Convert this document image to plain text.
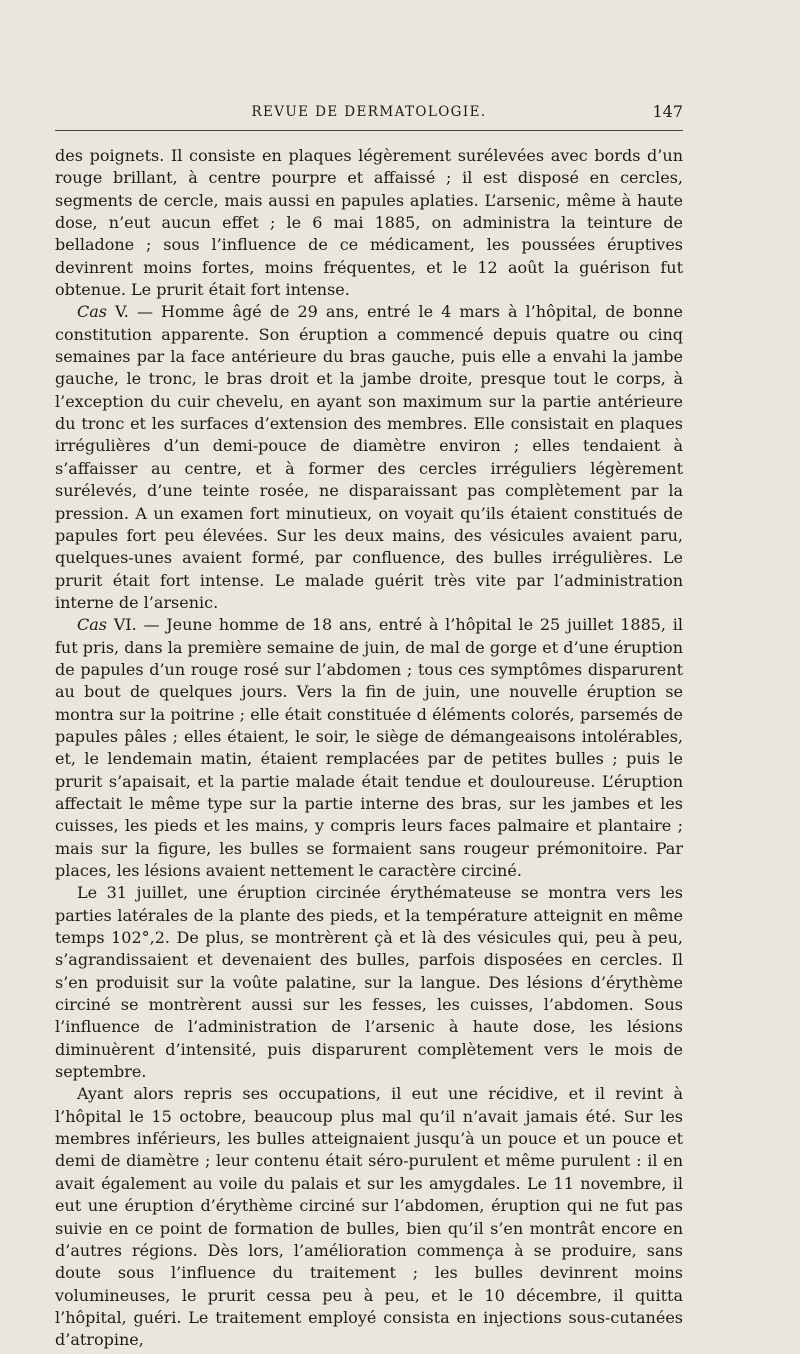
REVUE DE DERMATOLOGIE.	147

des poignets. Il consiste en plaques légèrement surélevées avec bords d’un rouge brillant, à centre pourpre et affaissé ; il est disposé en cercles, segments de cercle, mais aussi en papules aplaties. L’arsenic, même à haute dose, n’eut aucun effet ; le 6 mai 1885, on administra la teinture de belladone ; sous l’influence de ce médicament, les poussées éruptives devinrent moins fortes, moins fréquentes, et le 12 août la guérison fut obtenue. Le prurit était fort intense.

Cas V. — Homme âgé de 29 ans, entré le 4 mars à l’hôpital, de bonne constitution apparente. Son éruption a commencé depuis quatre ou cinq semaines par la face antérieure du bras gauche, puis elle a envahi la jambe gauche, le tronc, le bras droit et la jambe droite, presque tout le corps, à l’exception du cuir chevelu, en ayant son maximum sur la partie antérieure du tronc et les surfaces d’extension des membres. Elle consistait en plaques irrégulières d’un demi-pouce de diamètre environ ; elles tendaient à s’affaisser au centre, et à former des cercles irréguliers légèrement surélevés, d’une teinte rosée, ne disparaissant pas complètement par la pression. A un examen fort minutieux, on voyait qu’ils étaient constitués de papules fort peu élevées. Sur les deux mains, des vésicules avaient paru, quelques-unes avaient formé, par confluence, des bulles irrégulières. Le prurit était fort intense. Le malade guérit très vite par l’administration interne de l’arsenic.

Cas VI. — Jeune homme de 18 ans, entré à l’hôpital le 25 juillet 1885, il fut pris, dans la première semaine de juin, de mal de gorge et d’une éruption de papules d’un rouge rosé sur l’abdomen ; tous ces symptômes disparurent au bout de quelques jours. Vers la fin de juin, une nouvelle éruption se montra sur la poitrine ; elle était constituée d éléments colorés, parsemés de papules pâles ; elles étaient, le soir, le siège de démangeaisons intolérables, et, le lendemain matin, étaient remplacées par de petites bulles ; puis le prurit s’apaisait, et la partie malade était tendue et douloureuse. L’éruption affectait le même type sur la partie interne des bras, sur les jambes et les cuisses, les pieds et les mains, y compris leurs faces palmaire et plantaire ; mais sur la figure, les bulles se formaient sans rougeur prémonitoire. Par places, les lésions avaient nettement le caractère circiné.

Le 31 juillet, une éruption circinée érythémateuse se montra vers les parties latérales de la plante des pieds, et la température atteignit en même temps 102°,2. De plus, se montrèrent çà et là des vésicules qui, peu à peu, s’agrandissaient et devenaient des bulles, parfois disposées en cercles. Il s’en produisit sur la voûte palatine, sur la langue. Des lésions d’érythème circiné se montrèrent aussi sur les fesses, les cuisses, l’abdomen. Sous l’influence de l’administration de l’arsenic à haute dose, les lésions diminuèrent d’intensité, puis disparurent complètement vers le mois de septembre.

Ayant alors repris ses occupations, il eut une récidive, et il revint à l’hôpital le 15 octobre, beaucoup plus mal qu’il n’avait jamais été. Sur les membres inférieurs, les bulles atteignaient jusqu’à un pouce et un pouce et demi de diamètre ; leur contenu était séro-purulent et même purulent : il en avait également au voile du palais et sur les amygdales. Le 11 novembre, il eut une éruption d’érythème circiné sur l’abdomen, éruption qui ne fut pas suivie en ce point de formation de bulles, bien qu’il s’en montrât encore en d’autres régions. Dès lors, l’amélioration commença à se produire, sans doute sous l’influence du traitement ; les bulles devinrent moins volumineuses, le prurit cessa peu à peu, et le 10 décembre, il quitta l’hôpital, guéri. Le traitement employé consista en injections sous-cutanées d’atropine,
